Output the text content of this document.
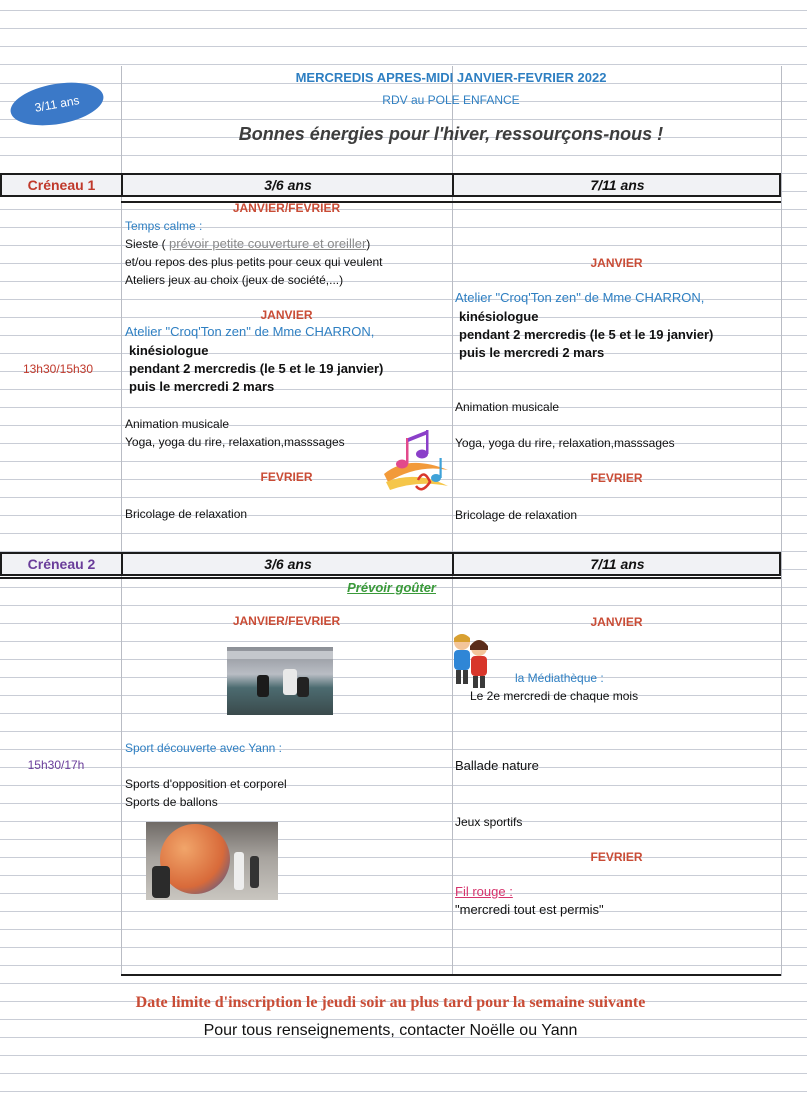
MERCREDIS APRES-MIDI JANVIER-FEVRIER 2022
RDV au POLE ENFANCE
Bonnes énergies pour l'hiver, ressourçons-nous !
3/11 ans
Créneau 1	3/6 ans	7/11 ans
JANVIER/FEVRIER
Temps calme :
Sieste ( prévoir petite couverture et oreiller)
et/ou repos des plus petits pour ceux qui veulent
Ateliers jeux au choix (jeux de société,...)
JANVIER
Atelier "Croq'Ton zen" de Mme CHARRON,
kinésiologue
pendant 2 mercredis (le 5 et le 19 janvier)
puis le mercredi 2 mars
Animation musicale
Yoga, yoga du rire, relaxation,masssages
FEVRIER
Bricolage de relaxation
13h30/15h30
JANVIER
Atelier "Croq'Ton zen" de Mme CHARRON,
kinésiologue
pendant 2 mercredis (le 5 et le 19 janvier)
puis le mercredi 2 mars
Animation musicale
Yoga, yoga du rire, relaxation,masssages
FEVRIER
Bricolage de relaxation
Créneau 2	3/6 ans	7/11 ans
Prévoir goûter
JANVIER/FEVRIER
Sport découverte avec Yann :
Sports d'opposition et corporel
Sports de ballons
15h30/17h
JANVIER
la Médiathèque :
Le 2e mercredi de chaque mois
Ballade nature
Jeux sportifs
FEVRIER
Fil rouge :
"mercredi tout est permis"
Date limite d'inscription le jeudi soir au plus tard pour la semaine suivante
Pour tous renseignements, contacter Noëlle ou Yann
